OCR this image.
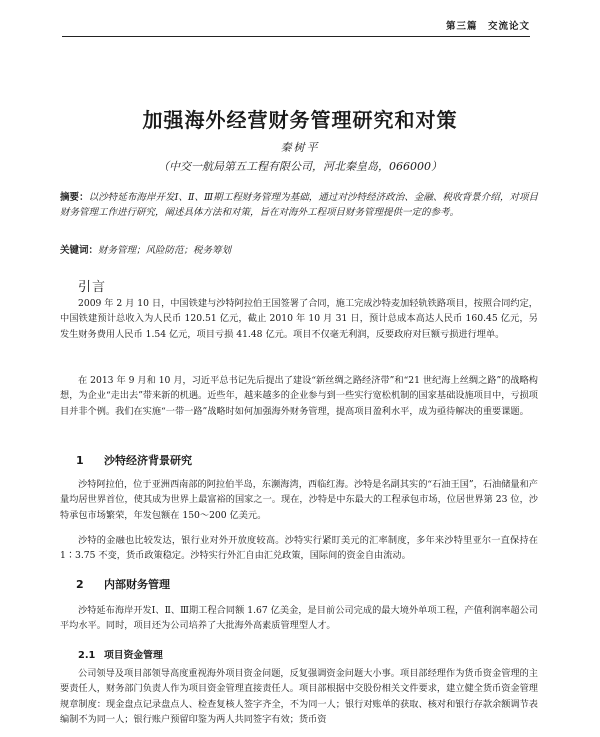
第三篇　交流论文
加强海外经营财务管理研究和对策
秦树平
（中交一航局第五工程有限公司，河北秦皇岛，066000）
摘要：以沙特延布海岸开发Ⅰ、Ⅱ、Ⅲ期工程财务管理为基础，通过对沙特经济政治、金融、税收背景介绍，对项目财务管理工作进行研究，阐述具体方法和对策，旨在对海外工程项目财务管理提供一定的参考。
关键词：财务管理；风险防范；税务筹划
引言
2009 年 2 月 10 日，中国铁建与沙特阿拉伯王国签署了合同，施工完成沙特麦加轻轨铁路项目，按照合同约定，中国铁建预计总收入为人民币 120.51 亿元，截止 2010 年 10 月 31 日，预计总成本高达人民币 160.45 亿元，另发生财务费用人民币 1.54 亿元，项目亏损 41.48 亿元。项目不仅毫无利润，反要政府对巨额亏损进行埋单。
在 2013 年 9 月和 10 月，习近平总书记先后提出了建设“新丝绸之路经济带”和“21 世纪海上丝绸之路”的战略构想，为企业“走出去”带来新的机遇。近些年，越来越多的企业参与到一些实行宽松机制的国家基础设施项目中，亏损项目并非个例。我们在实施“一带一路”战略时如何加强海外财务管理，提高项目盈利水平，成为亟待解决的重要课题。
1 沙特经济背景研究
沙特阿拉伯，位于亚洲西南部的阿拉伯半岛，东濒海湾，西临红海。沙特是名副其实的“石油王国”，石油储量和产量均居世界首位，使其成为世界上最富裕的国家之一。现在，沙特是中东最大的工程承包市场，位居世界第 23 位，沙特承包市场繁荣，年发包额在 150～200 亿美元。
沙特的金融也比较发达，银行业对外开放度较高。沙特实行紧盯美元的汇率制度，多年来沙特里亚尔一直保持在 1∶3.75 不变，货币政策稳定。沙特实行外汇自由汇兑政策，国际间的资金自由流动。
2 内部财务管理
沙特延布海岸开发Ⅰ、Ⅱ、Ⅲ期工程合同额 1.67 亿美金，是目前公司完成的最大境外单项工程，产值利润率超公司平均水平。同时，项目还为公司培养了大批海外高素质管理型人才。
2.1 项目资金管理
公司领导及项目部领导高度重视海外项目资金问题，反复强调资金问题大小事。项目部经理作为货币资金管理的主要责任人，财务部门负责人作为项目资金管理直接责任人。项目部根据中交股份相关文件要求，建立健全货币资金管理规章制度：现金盘点记录盘点人、检查复核人签字齐全，不为同一人；银行对账单的获取、核对和银行存款余额调节表编制不为同一人；银行账户预留印鉴为两人共同签字有效；货币资
